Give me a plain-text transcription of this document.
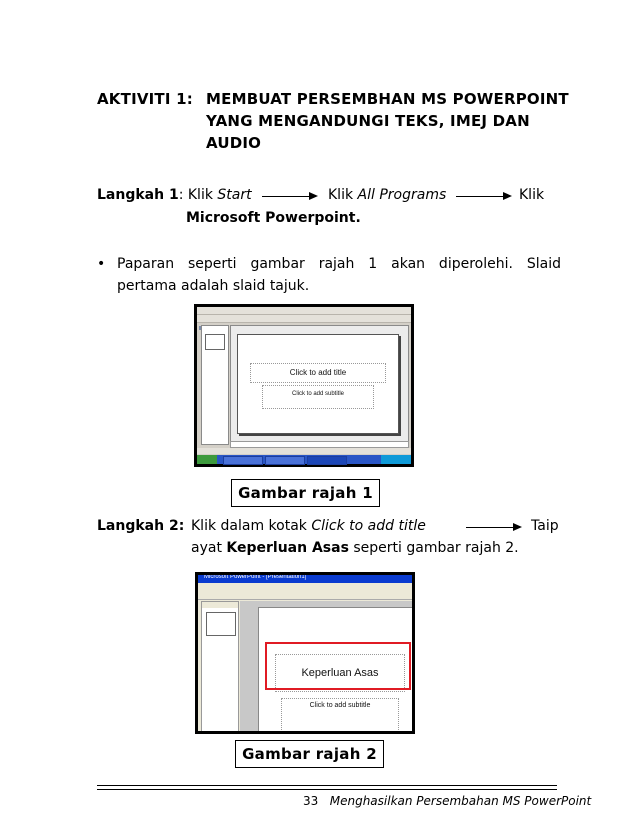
AKTIVITI 1: MEMBUAT PERSEMBHAN MS POWERPOINT
YANG MENGANDUNGI TEKS, IMEJ DAN
AUDIO
Langkah 1: Klik Start	Klik All Programs	Klik
Microsoft Powerpoint.
• Paparan seperti gambar rajah 1 akan diperolehi. Slaid
pertama adalah slaid tajuk.
Click to add title
Click to add subtitle
Gambar rajah 1
Langkah 2: Klik dalam kotak Click to add title	Taip
ayat Keperluan Asas seperti gambar rajah 2.
Microsoft PowerPoint - [Presentation1]
Keperluan Asas
Click to add subtitle
Gambar rajah 2
33 Menghasilkan Persembahan MS PowerPoint
